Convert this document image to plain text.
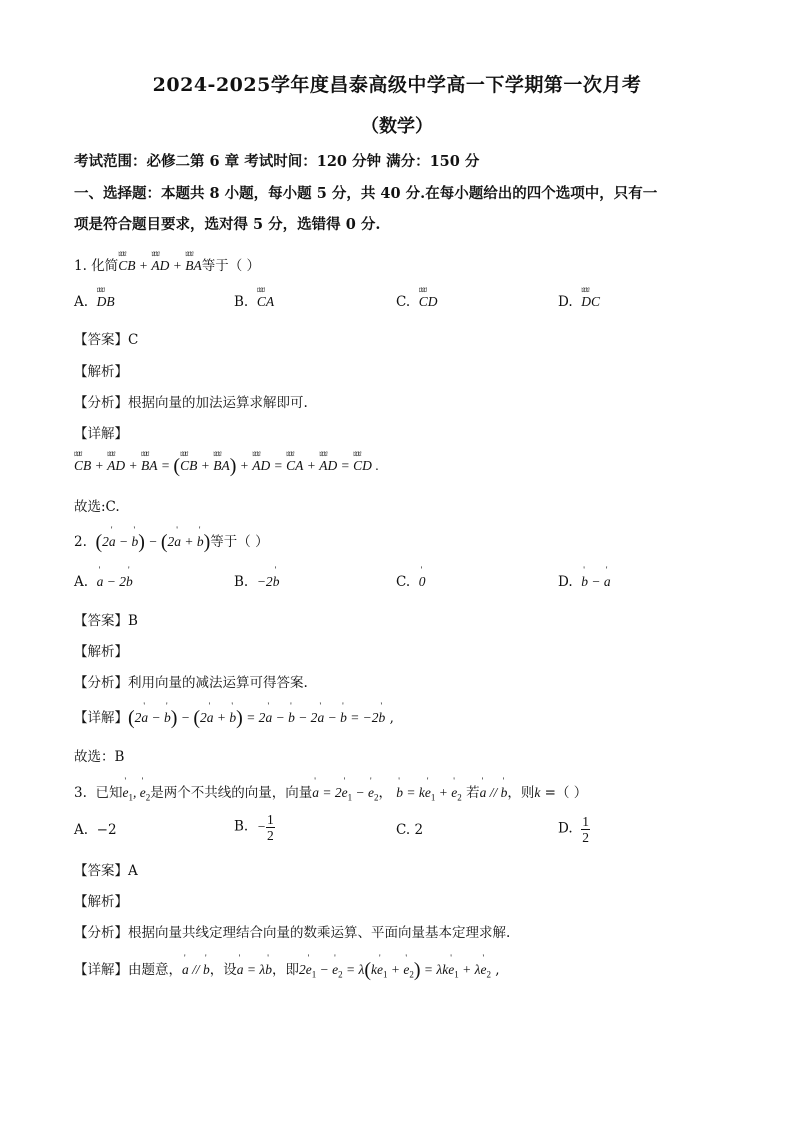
2024-2025学年度昌泰高级中学高一下学期第一次月考
（数学）
考试范围：必修二第 6 章 考试时间：120 分钟 满分：150 分
一、选择题：本题共 8 小题，每小题 5 分，共 40 分.在每小题给出的四个选项中，只有一
项是符合题目要求，选对得 5 分，选错得 0 分.
1. 化简ﾛﾛﾛ CB + ﾛﾛﾛ AD + ﾛﾛﾛ BA等于（ ）
A. ﾛﾛﾛ DB	B. ﾛﾛﾛ CA	C. ﾛﾛﾛ CD	D. ﾛﾛﾛ DC
【答案】C
【解析】
【分析】根据向量的加法运算求解即可.
【详解】
ﾛﾛﾛ CB + ﾛﾛﾛ AD + ﾛﾛﾛ BA = (ﾛﾛﾛ CB + ﾛﾛﾛ BA) + ﾛﾛﾛ AD = ﾛﾛﾛ CA + ﾛﾛﾛ AD = ﾛﾛﾛ CD .
故选:C.
2. (2' a − ' b) − (2' a + ' b)等于（ ）
A. ' a − 2' b	B. −2' b	C. ' 0	D. ' b − ' a
【答案】B
【解析】
【分析】利用向量的减法运算可得答案.
【详解】(2' a − ' b) − (2' a + ' b) = 2' a − ' b − 2' a − ' b = −2' b ,
故选：B
3. 已知' $e_1$, ' $e_2$是两个不共线的向量，向量' a = 2' $e_1$ − ' $e_2$， ' b = k' $e_1$ + ' $e_2$ 若' a // ' b，则k =（ ）
A. −2	B. − $\frac{1}{2}$	C. 2	D. $\frac{1}{2}$
【答案】A
【解析】
【分析】根据向量共线定理结合向量的数乘运算、平面向量基本定理求解.
【详解】由题意，' a // ' b，设' a = λ' b，即2' $e_1$ − ' $e_2 = \lambda(k'$ $e_1$ + ' $e_2) = \lambda k'$ $e_1 + \lambda'$ $e_2$ ,
